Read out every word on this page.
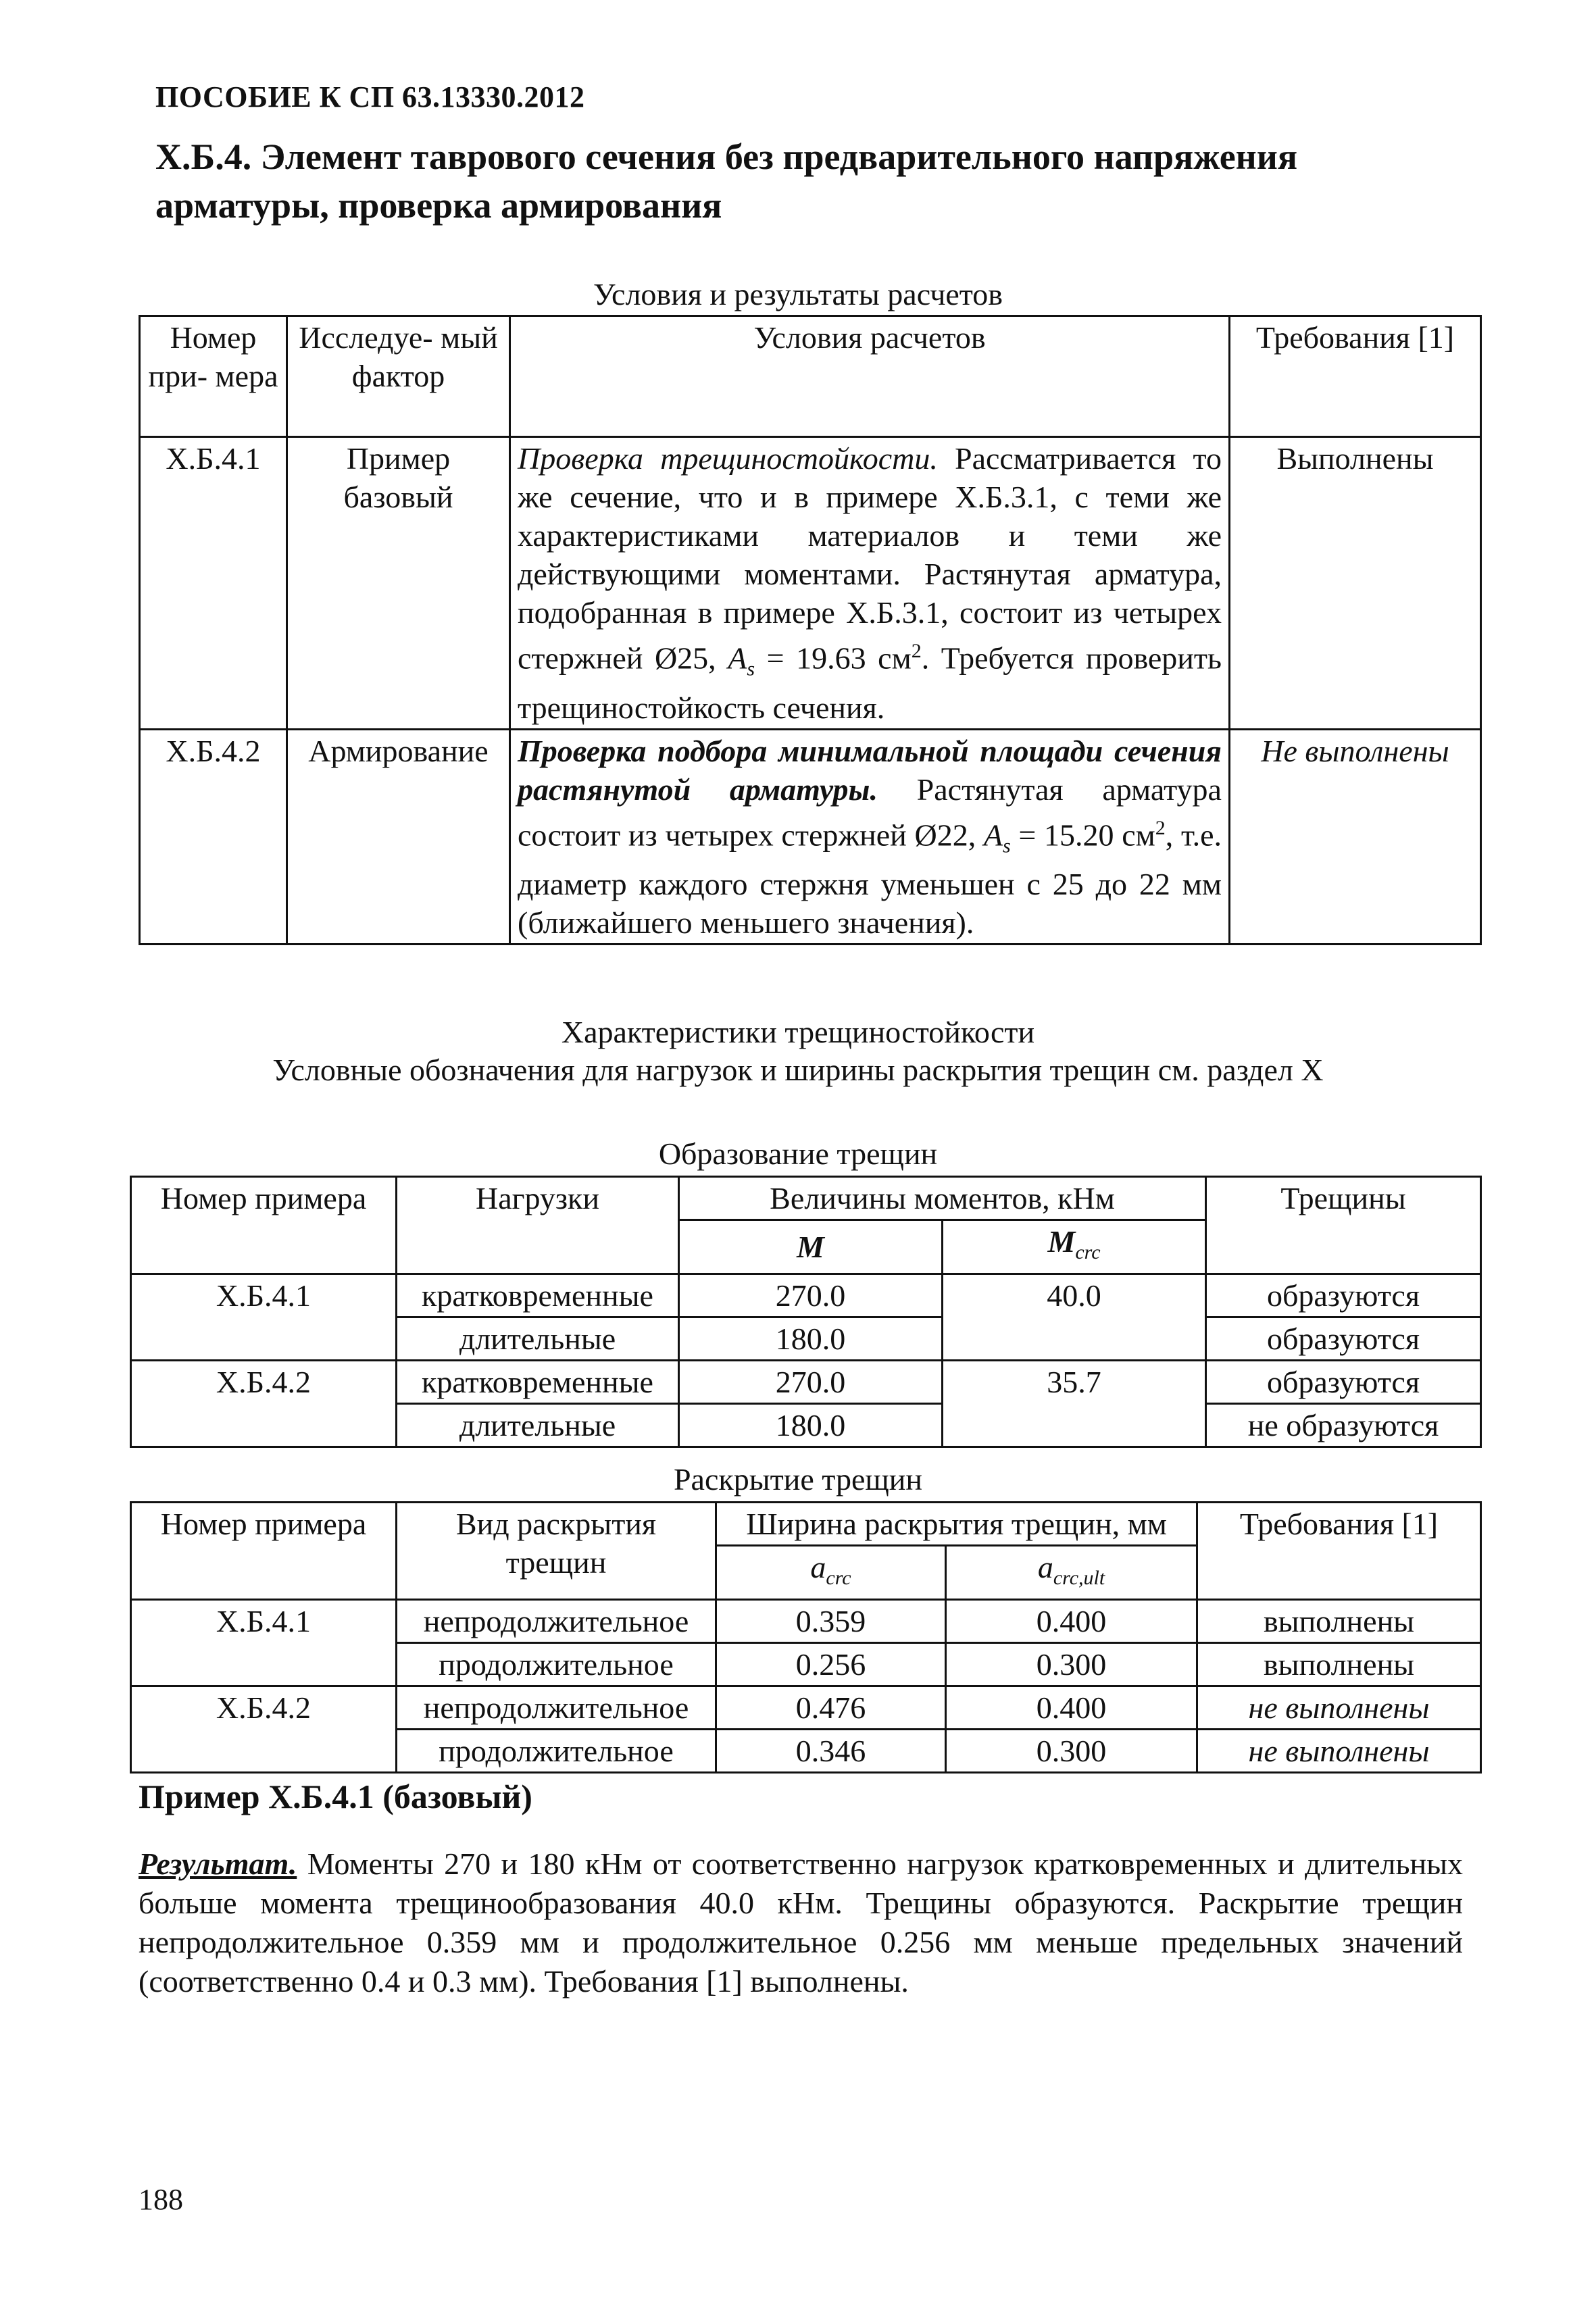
ПОСОБИЕ К СП 63.13330.2012
Х.Б.4. Элемент таврового сечения без предварительного напряжения арматуры, проверка армирования
Условия и результаты расчетов
Номер при- мера	Исследуе- мый фактор	Условия расчетов	Требования [1]
Х.Б.4.1	Пример базовый	Проверка трещиностойкости. Рассматривается то же сечение, что и в примере Х.Б.3.1, с теми же характеристиками материалов и теми же действующими моментами. Растянутая арматура, подобранная в примере Х.Б.3.1, состоит из четырех стержней Ø25, $A_s = 19.63$ $см^2$. Требуется проверить трещиностойкость сечения.	Выполнены
Х.Б.4.2	Армирование	Проверка подбора минимальной площади сечения растянутой арматуры. Растянутая арматура состоит из четырех стержней Ø22, $A_s = 15.20$ $см^2$, т.е. диаметр каждого стержня уменьшен с 25 до 22 мм (ближайшего меньшего значения).	Не выполнены
Характеристики трещиностойкости
Условные обозначения для нагрузок и ширины раскрытия трещин см. раздел Х
Образование трещин
Номер примера	Нагрузки	Величины моментов, кНм		Трещины
		M	$M_{crc}$
Х.Б.4.1	кратковременные	270.0	40.0	образуются
	длительные	180.0		образуются
Х.Б.4.2	кратковременные	270.0	35.7	образуются
	длительные	180.0		не образуются
Раскрытие трещин
Номер примера	Вид раскрытия трещин	Ширина раскрытия трещин, мм		Требования [1]
		$a_{crc}$	$a_{crc,ult}$
Х.Б.4.1	непродолжительное	0.359	0.400	выполнены
	продолжительное	0.256	0.300	выполнены
Х.Б.4.2	непродолжительное	0.476	0.400	не выполнены
	продолжительное	0.346	0.300	не выполнены
Пример Х.Б.4.1 (базовый)
Результат. Моменты 270 и 180 кНм от соответственно нагрузок кратковременных и длительных больше момента трещинообразования 40.0 кНм. Трещины образуются. Раскрытие трещин непродолжительное 0.359 мм и продолжительное 0.256 мм меньше предельных значений (соответственно 0.4 и 0.3 мм). Требования [1] выполнены.
188
